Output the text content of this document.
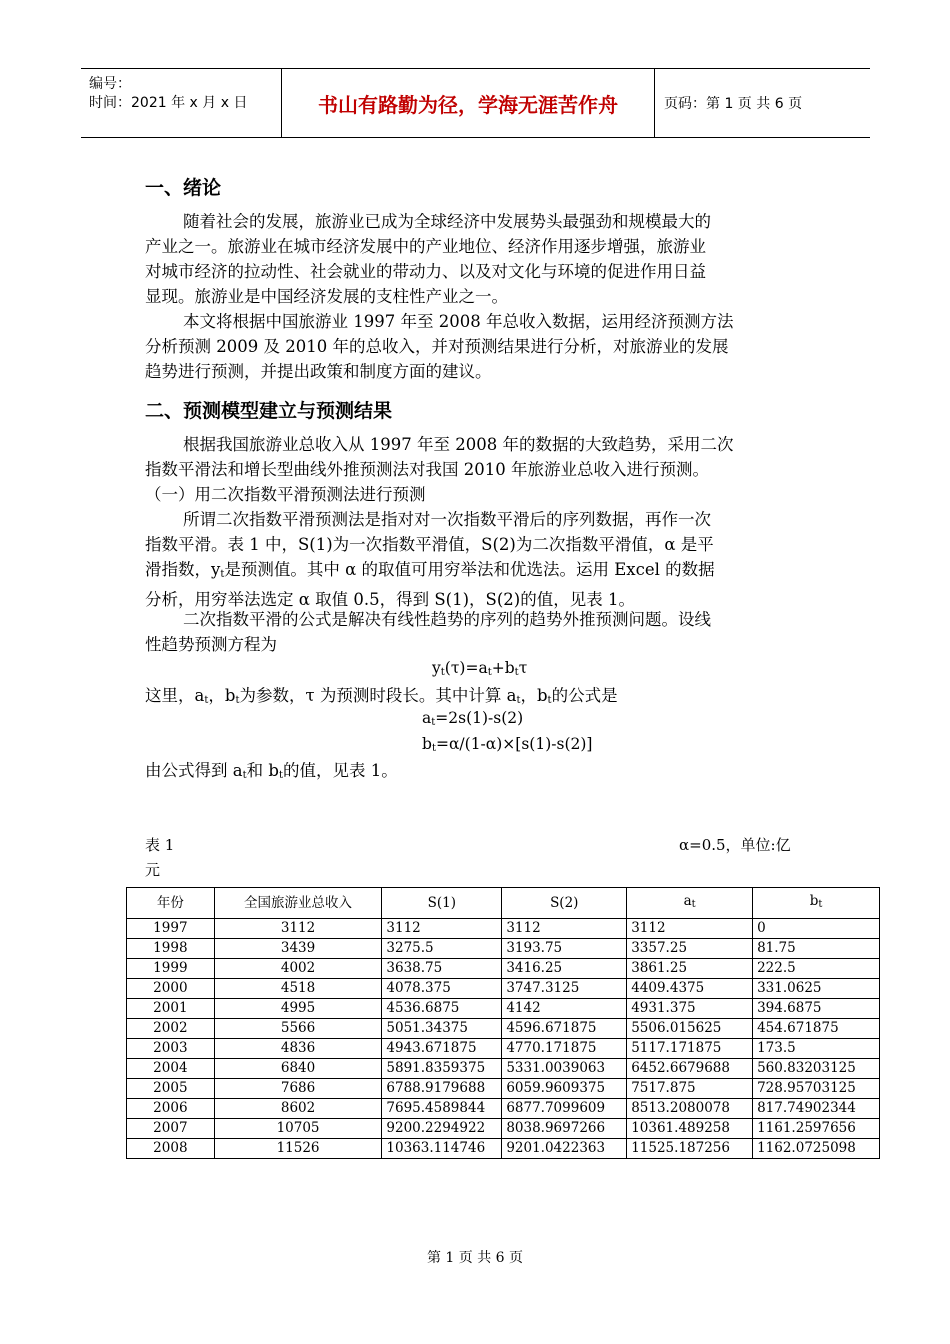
编号：
时间：2021 年 x 月 x 日	书山有路勤为径，学海无涯苦作舟	页码：第 1 页 共 6 页
一、绪论
随着社会的发展，旅游业已成为全球经济中发展势头最强劲和规模最大的
产业之一。旅游业在城市经济发展中的产业地位、经济作用逐步增强，旅游业
对城市经济的拉动性、社会就业的带动力、以及对文化与环境的促进作用日益
显现。旅游业是中国经济发展的支柱性产业之一。
本文将根据中国旅游业 1997 年至 2008 年总收入数据，运用经济预测方法
分析预测 2009 及 2010 年的总收入，并对预测结果进行分析，对旅游业的发展
趋势进行预测，并提出政策和制度方面的建议。
二、预测模型建立与预测结果
根据我国旅游业总收入从 1997 年至 2008 年的数据的大致趋势，采用二次
指数平滑法和增长型曲线外推预测法对我国 2010 年旅游业总收入进行预测。
（一）用二次指数平滑预测法进行预测
所谓二次指数平滑预测法是指对对一次指数平滑后的序列数据，再作一次
指数平滑。表 1 中，S(1)为一次指数平滑值，S(2)为二次指数平滑值，α 是平
滑指数，$y_t$是预测值。其中 α 的取值可用穷举法和优选法。运用 Excel 的数据
分析，用穷举法选定 α 取值 0.5，得到 S(1)，S(2)的值，见表 1。
二次指数平滑的公式是解决有线性趋势的序列的趋势外推预测问题。设线
性趋势预测方程为
$y_t(\tau)=a_t+b_t\tau$
这里，$a_t$，$b_t$为参数，τ 为预测时段长。其中计算 $a_t$，$b_t$的公式是
$a_t=2s(1)-s(2)$
$b_t=\alpha/(1-\alpha)\times[s(1)-s(2)]$
由公式得到 $a_t$和 $b_t$的值，见表 1。
表 1	α=0.5，单位:亿
元
年份	全国旅游业总收入	S(1)	S(2)	$a_t$	$b_t$
1997	3112	3112	3112	3112	0
1998	3439	3275.5	3193.75	3357.25	81.75
1999	4002	3638.75	3416.25	3861.25	222.5
2000	4518	4078.375	3747.3125	4409.4375	331.0625
2001	4995	4536.6875	4142	4931.375	394.6875
2002	5566	5051.34375	4596.671875	5506.015625	454.671875
2003	4836	4943.671875	4770.171875	5117.171875	173.5
2004	6840	5891.8359375	5331.0039063	6452.6679688	560.83203125
2005	7686	6788.9179688	6059.9609375	7517.875	728.95703125
2006	8602	7695.4589844	6877.7099609	8513.2080078	817.74902344
2007	10705	9200.2294922	8038.9697266	10361.489258	1161.2597656
2008	11526	10363.114746	9201.0422363	11525.187256	1162.0725098
第 1 页 共 6 页
